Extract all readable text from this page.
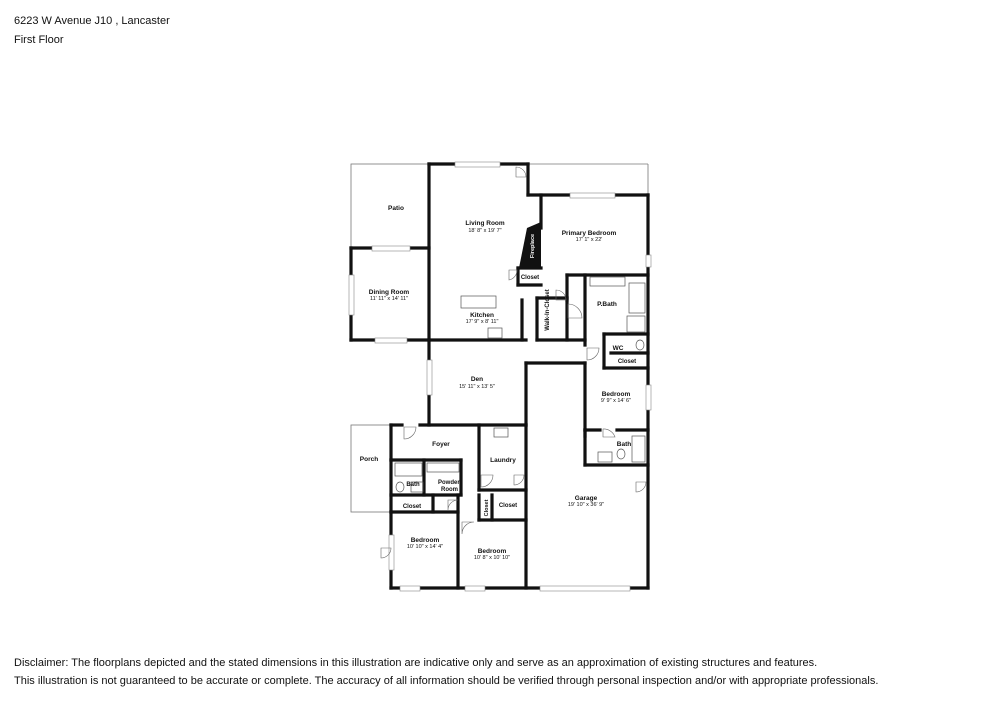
6223 W Avenue J10 , Lancaster
First Floor
Patio
Living Room
18' 8" x 19' 7"	Primary Bedroom
17' 1" x 22'
Fireplace
Closet
Dining Room
11' 11" x 14' 11"	Walk-In-Closet	P.Bath
Kitchen
17' 9" x 8' 11"
WC
Closet
Den
15' 11" x 13' 5"
Bedroom
9' 9" x 14' 6"
Bath
Foyer
Porch	Laundry
Bath	Powder Room
Closet	Closet Closet
Garage
19' 10" x 36' 9"
Bedroom
10' 10" x 14' 4"
Bedroom
10' 8" x 10' 10"
Disclaimer: The floorplans depicted and the stated dimensions in this illustration are indicative only and serve as an approximation of existing structures and features.
This illustration is not guaranteed to be accurate or complete. The accuracy of all information should be verified through personal inspection and/or with appropriate professionals.
